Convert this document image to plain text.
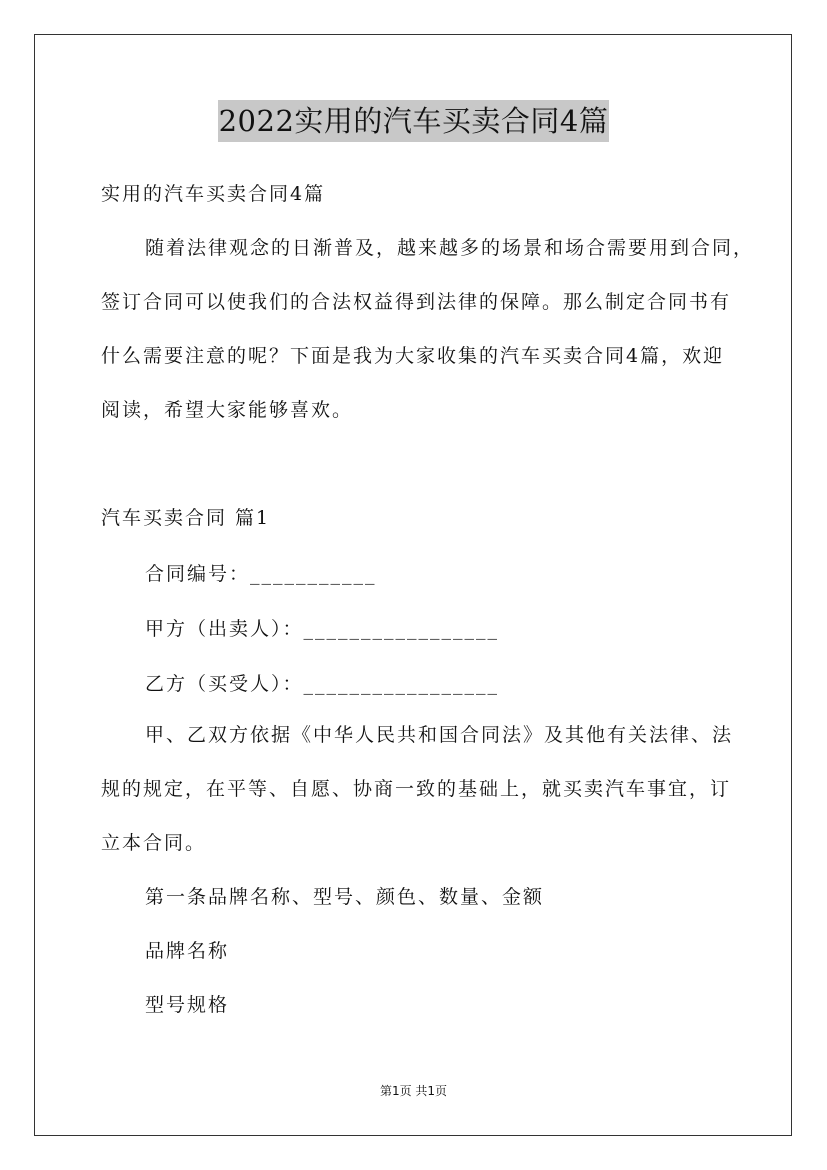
2022实用的汽车买卖合同4篇
实用的汽车买卖合同4篇
随着法律观念的日渐普及，越来越多的场景和场合需要用到合同，
签订合同可以使我们的合法权益得到法律的保障。那么制定合同书有
什么需要注意的呢？下面是我为大家收集的汽车买卖合同4篇，欢迎
阅读，希望大家能够喜欢。
汽车买卖合同 篇1
合同编号：___________
甲方（出卖人）：_________________
乙方（买受人）：_________________
甲、乙双方依据《中华人民共和国合同法》及其他有关法律、法
规的规定，在平等、自愿、协商一致的基础上，就买卖汽车事宜，订
立本合同。
第一条品牌名称、型号、颜色、数量、金额
品牌名称
型号规格
第1页 共1页
